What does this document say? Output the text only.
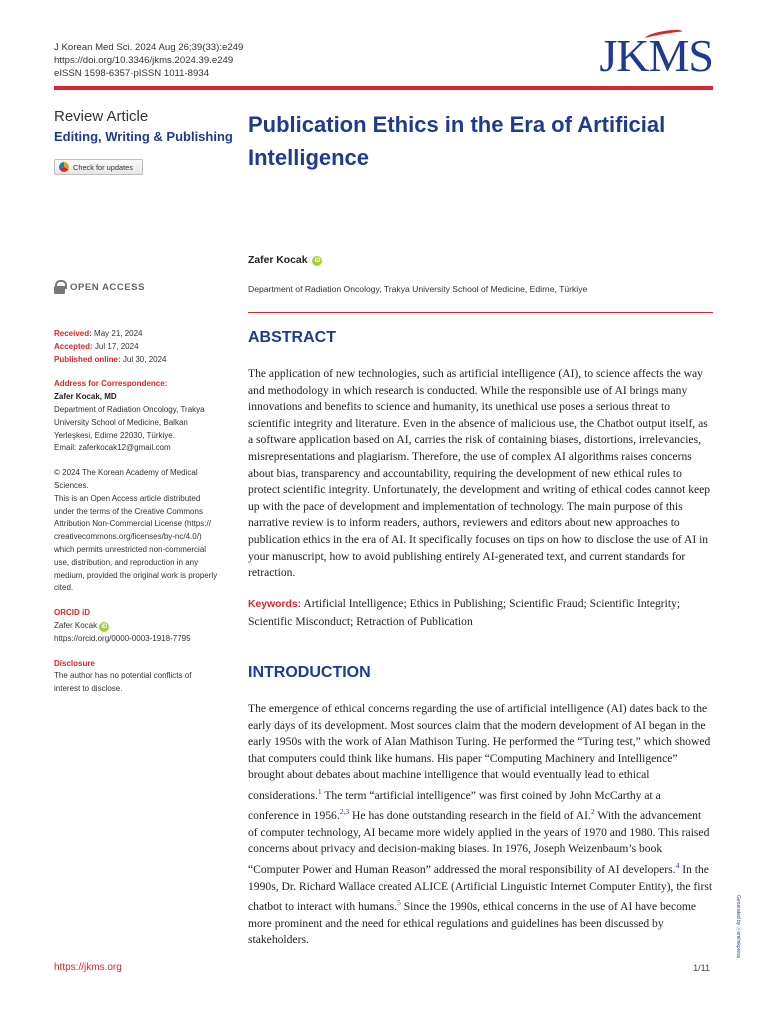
J Korean Med Sci. 2024 Aug 26;39(33):e249
https://doi.org/10.3346/jkms.2024.39.e249
eISSN 1598-6357·pISSN 1011-8934	JKMS
Review Article
Editing, Writing & Publishing
Check for updates
Publication Ethics in the Era of Artificial Intelligence
Zafer Kocak	iD
Department of Radiation Oncology, Trakya University School of Medicine, Edirne, Türkiye
OPEN ACCESS
Received: May 21, 2024
Accepted: Jul 17, 2024
Published online: Jul 30, 2024
Address for Correspondence:
Zafer Kocak, MD
Department of Radiation Oncology, Trakya
University School of Medicine, Balkan
Yerleşkesi, Edirne 22030, Türkiye.
Email: zaferkocak12@gmail.com
© 2024 The Korean Academy of Medical
Sciences.
This is an Open Access article distributed
under the terms of the Creative Commons
Attribution Non-Commercial License (https://
creativecommons.org/licenses/by-nc/4.0/)
which permits unrestricted non-commercial
use, distribution, and reproduction in any
medium, provided the original work is properly
cited.
ORCID iD
Zafer Kocak iD
https://orcid.org/0000-0003-1918-7795
Disclosure
The author has no potential conflicts of
interest to disclose.
ABSTRACT
The application of new technologies, such as artificial intelligence (AI), to science affects the way and methodology in which research is conducted. While the responsible use of AI brings many innovations and benefits to science and humanity, its unethical use poses a serious threat to scientific integrity and literature. Even in the absence of malicious use, the Chatbot output itself, as a software application based on AI, carries the risk of containing biases, distortions, irrelevancies, misrepresentations and plagiarism. Therefore, the use of complex AI algorithms raises concerns about bias, transparency and accountability, requiring the development of new ethical rules to protect scientific integrity. Unfortunately, the development and writing of ethical codes cannot keep up with the pace of development and implementation of technology. The main purpose of this narrative review is to inform readers, authors, reviewers and editors about new approaches to publication ethics in the era of AI. It specifically focuses on tips on how to disclose the use of AI in your manuscript, how to avoid publishing entirely AI-generated text, and current standards for retraction.
Keywords: Artificial Intelligence; Ethics in Publishing; Scientific Fraud; Scientific Integrity; Scientific Misconduct; Retraction of Publication
INTRODUCTION
The emergence of ethical concerns regarding the use of artificial intelligence (AI) dates back to the early days of its development. Most sources claim that the modern development of AI began in the early 1950s with the work of Alan Mathison Turing. He performed the “Turing test,” which showed that computers could think like humans. His paper “Computing Machinery and Intelligence” brought about debates about machine intelligence that would eventually lead to ethical considerations.$^1$ The term “artificial intelligence” was first coined by John McCarthy at a conference in 1956.$^{2,3}$ He has done outstanding research in the field of AI.$^2$ With the advancement of computer technology, AI became more widely applied in the years of 1970 and 1980. This raised concerns about privacy and decision-making biases. In 1976, Joseph Weizenbaum’s book “Computer Power and Human Reason” addressed the moral responsibility of AI developers.$^4$ In the 1990s, Dr. Richard Wallace created ALICE (Artificial Linguistic Internet Computer Entity), the first chatbot to interact with humans.$^5$ Since the 1990s, ethical concerns in the use of AI have become more prominent and the need for ethical regulations and guidelines has been discussed by stakeholders.	Generated by ⓧxmlinkpress
https://jkms.org	1/11
